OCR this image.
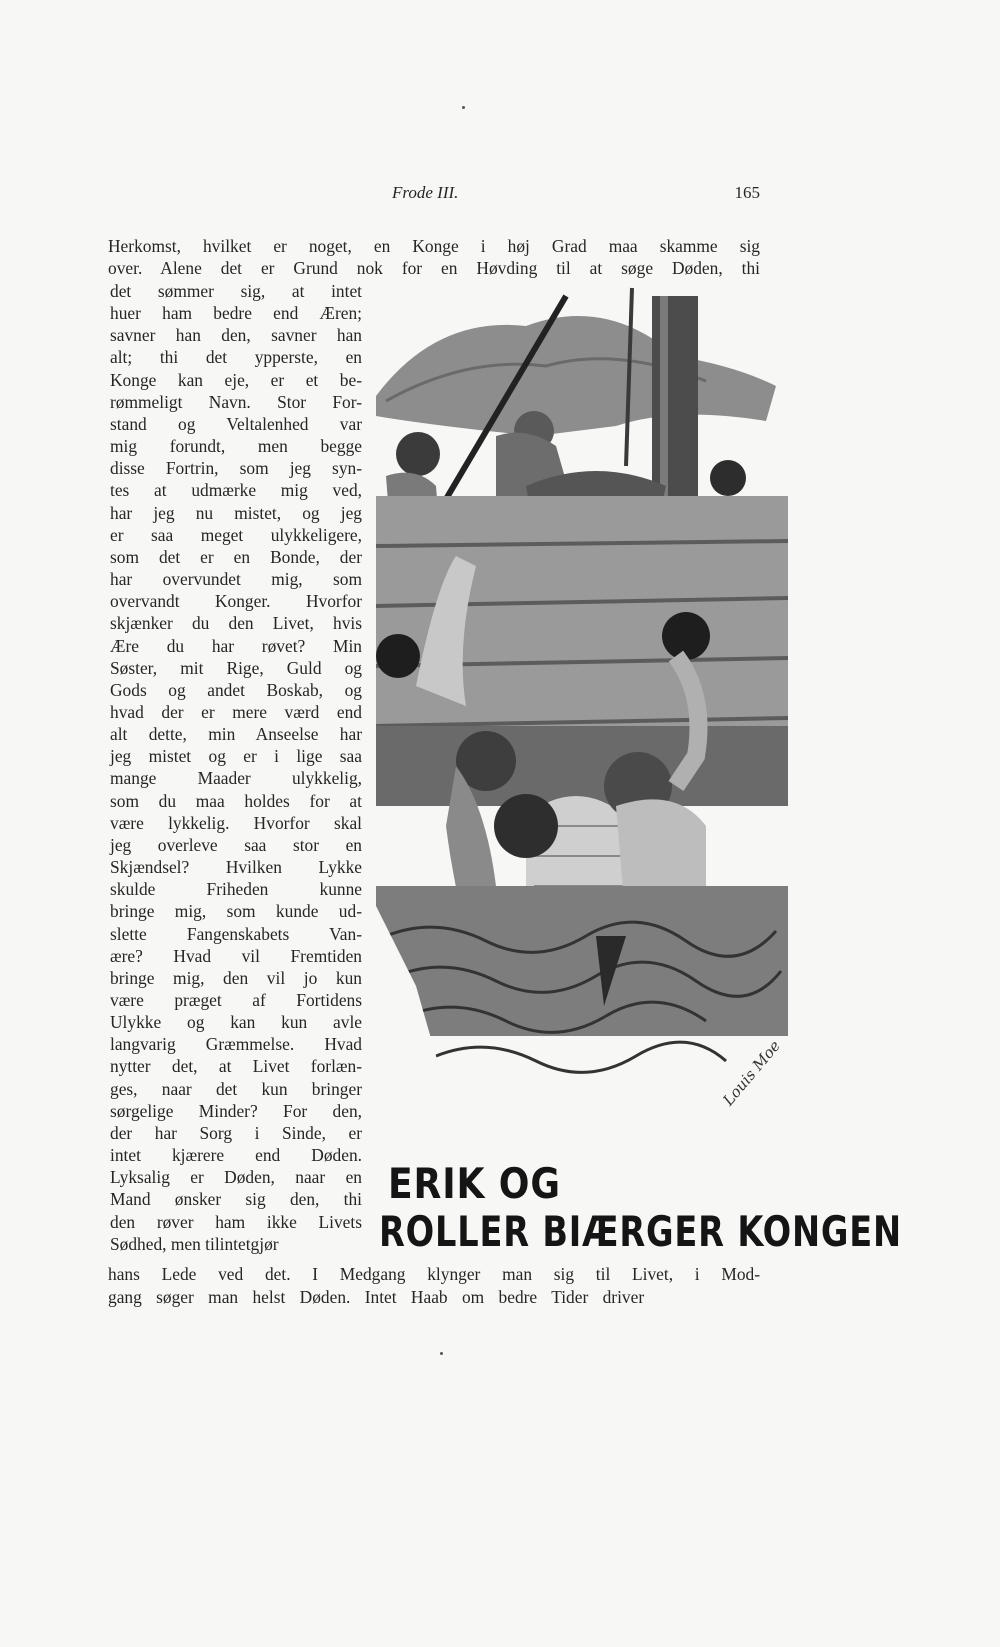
Frode III.	165
Herkomst, hvilket er noget, en Konge i høj Grad maa skamme sig
over. Alene det er Grund nok for en Høvding til at søge Døden, thi
det sømmer sig, at intet
huer ham bedre end Æren;
savner han den, savner han
alt; thi det ypperste, en
Konge kan eje, er et be-
rømmeligt Navn. Stor For-
stand og Veltalenhed var
mig forundt, men begge
disse Fortrin, som jeg syn-
tes at udmærke mig ved,
har jeg nu mistet, og jeg
er saa meget ulykkeligere,
som det er en Bonde, der
har overvundet mig, som
overvandt Konger. Hvorfor
skjænker du den Livet, hvis
Ære du har røvet? Min
Søster, mit Rige, Guld og
Gods og andet Boskab, og
hvad der er mere værd end
alt dette, min Anseelse har
jeg mistet og er i lige saa
mange Maader ulykkelig,
som du maa holdes for at
være lykkelig. Hvorfor skal
jeg overleve saa stor en
Skjændsel? Hvilken Lykke
skulde Friheden kunne
bringe mig, som kunde ud-
slette Fangenskabets Van-
ære? Hvad vil Fremtiden
bringe mig, den vil jo kun
være præget af Fortidens
Ulykke og kan kun avle
langvarig Græmmelse. Hvad
nytter det, at Livet forlæn-
ges, naar det kun bringer
sørgelige Minder? For den,
der har Sorg i Sinde, er
intet kjærere end Døden.
Lyksalig er Døden, naar en
Mand ønsker sig den, thi
den røver ham ikke Livets
Sødhed, men tilintetgjør
hans Lede ved det. I Medgang klynger man sig til Livet, i Mod-
gang søger man helst Døden. Intet Haab om bedre Tider driver
Louis Moe
ERIK OG
ROLLER BIÆRGER KONGEN
